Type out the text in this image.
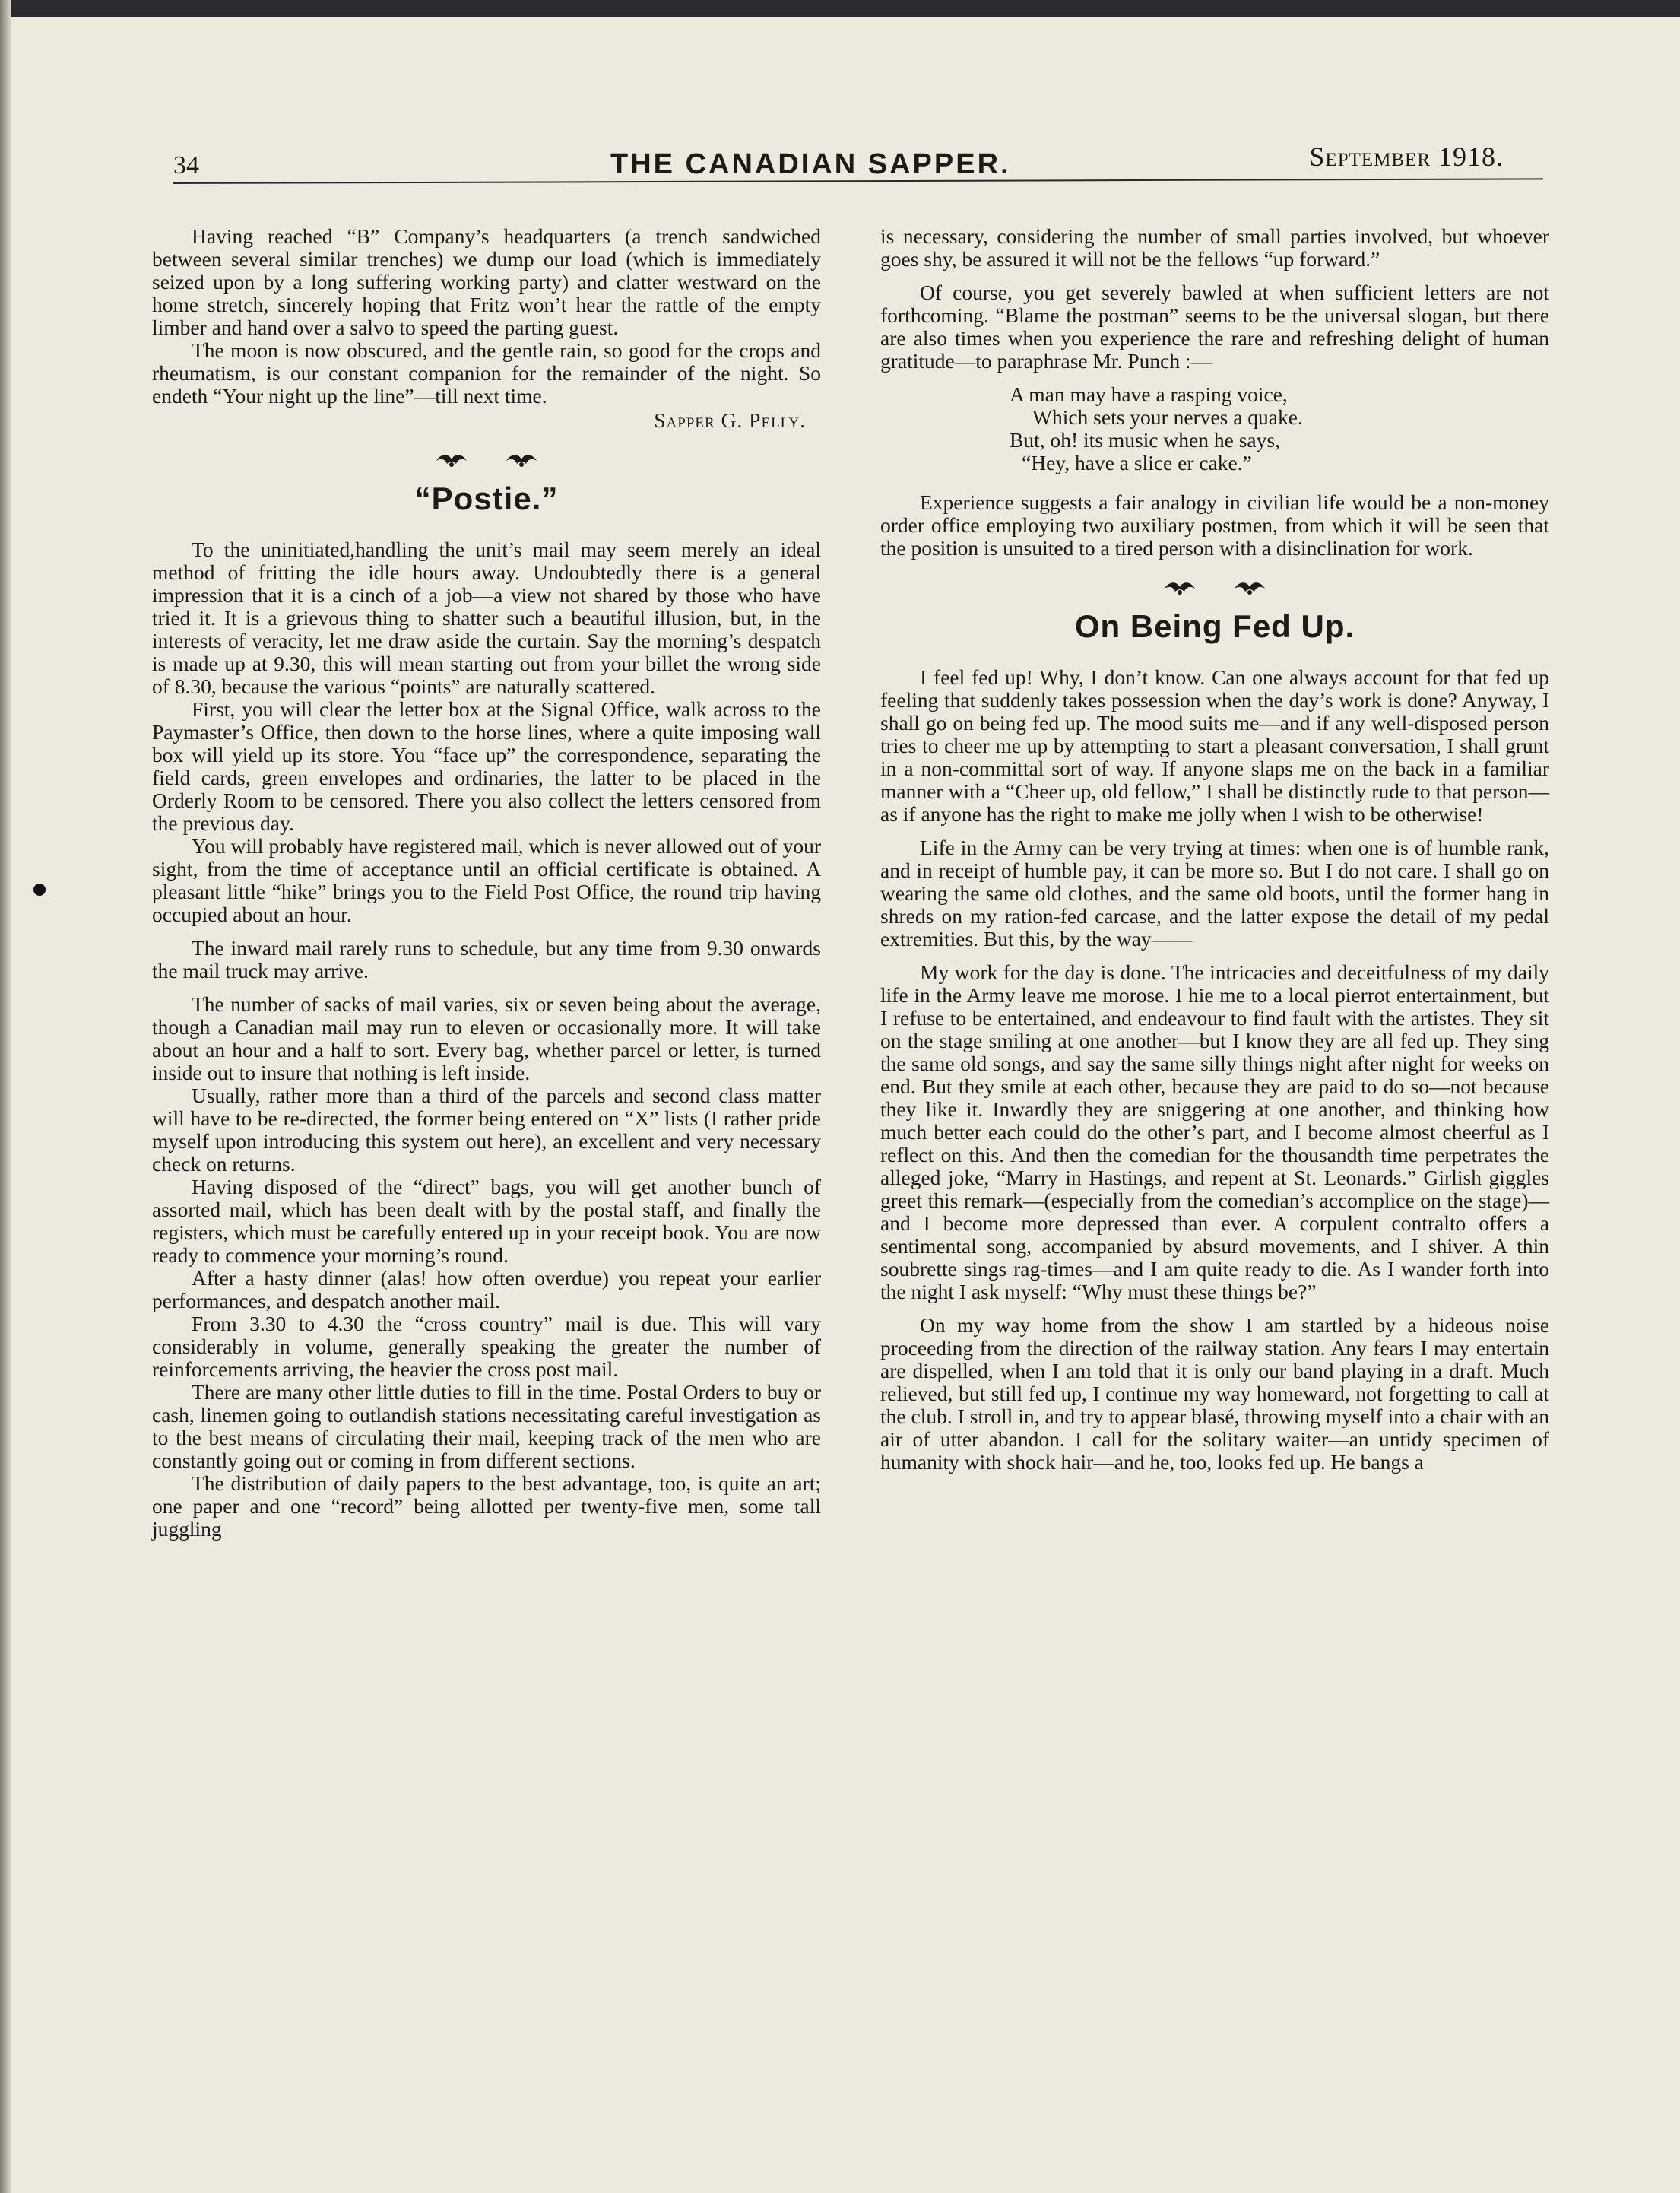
34	THE CANADIAN SAPPER.	September 1918.

Having reached “B” Company’s headquarters (a trench sandwiched between several similar trenches) we dump our load (which is immediately seized upon by a long suffering working party) and clatter westward on the home stretch, sincerely hoping that Fritz won’t hear the rattle of the empty limber and hand over a salvo to speed the parting guest.

The moon is now obscured, and the gentle rain, so good for the crops and rheumatism, is our constant companion for the remainder of the night. So endeth “Your night up the line”—till next time.

Sapper G. Pelly.
“Postie.”

To the uninitiated,handling the unit’s mail may seem merely an ideal method of fritting the idle hours away. Undoubtedly there is a general impression that it is a cinch of a job—a view not shared by those who have tried it. It is a grievous thing to shatter such a beautiful illusion, but, in the interests of veracity, let me draw aside the curtain. Say the morning’s despatch is made up at 9.30, this will mean starting out from your billet the wrong side of 8.30, because the various “points” are naturally scattered.

First, you will clear the letter box at the Signal Office, walk across to the Paymaster’s Office, then down to the horse lines, where a quite imposing wall box will yield up its store. You “face up” the correspondence, separating the field cards, green envelopes and ordinaries, the latter to be placed in the Orderly Room to be censored. There you also collect the letters censored from the previous day.

You will probably have registered mail, which is never allowed out of your sight, from the time of acceptance until an official certificate is obtained. A pleasant little “hike” brings you to the Field Post Office, the round trip having occupied about an hour.

The inward mail rarely runs to schedule, but any time from 9.30 onwards the mail truck may arrive.

The number of sacks of mail varies, six or seven being about the average, though a Canadian mail may run to eleven or occasionally more. It will take about an hour and a half to sort. Every bag, whether parcel or letter, is turned inside out to insure that nothing is left inside.

Usually, rather more than a third of the parcels and second class matter will have to be re-directed, the former being entered on “X” lists (I rather pride myself upon introducing this system out here), an excellent and very necessary check on returns.

Having disposed of the “direct” bags, you will get another bunch of assorted mail, which has been dealt with by the postal staff, and finally the registers, which must be carefully entered up in your receipt book. You are now ready to commence your morning’s round.

After a hasty dinner (alas! how often overdue) you repeat your earlier performances, and despatch another mail.

From 3.30 to 4.30 the “cross country” mail is due. This will vary considerably in volume, generally speaking the greater the number of reinforcements arriving, the heavier the cross post mail.

There are many other little duties to fill in the time. Postal Orders to buy or cash, linemen going to outlandish stations necessitating careful investigation as to the best means of circulating their mail, keeping track of the men who are constantly going out or coming in from different sections.

The distribution of daily papers to the best advantage, too, is quite an art; one paper and one “record” being allotted per twenty-five men, some tall juggling

is necessary, considering the number of small parties involved, but whoever goes shy, be assured it will not be the fellows “up forward.”

Of course, you get severely bawled at when sufficient letters are not forthcoming. “Blame the postman” seems to be the universal slogan, but there are also times when you experience the rare and refreshing delight of human gratitude—to paraphrase Mr. Punch :—

A man may have a rasping voice,
Which sets your nerves a quake.
But, oh! its music when he says,
“Hey, have a slice er cake.”

Experience suggests a fair analogy in civilian life would be a non-money order office employing two auxiliary postmen, from which it will be seen that the position is unsuited to a tired person with a disinclination for work.

On Being Fed Up.

I feel fed up! Why, I don’t know. Can one always account for that fed up feeling that suddenly takes possession when the day’s work is done? Anyway, I shall go on being fed up. The mood suits me—and if any well-disposed person tries to cheer me up by attempting to start a pleasant conversation, I shall grunt in a non-committal sort of way. If anyone slaps me on the back in a familiar manner with a “Cheer up, old fellow,” I shall be distinctly rude to that person—as if anyone has the right to make me jolly when I wish to be otherwise!

Life in the Army can be very trying at times: when one is of humble rank, and in receipt of humble pay, it can be more so. But I do not care. I shall go on wearing the same old clothes, and the same old boots, until the former hang in shreds on my ration-fed carcase, and the latter expose the detail of my pedal extremities. But this, by the way——

My work for the day is done. The intricacies and deceitfulness of my daily life in the Army leave me morose. I hie me to a local pierrot entertainment, but I refuse to be entertained, and endeavour to find fault with the artistes. They sit on the stage smiling at one another—but I know they are all fed up. They sing the same old songs, and say the same silly things night after night for weeks on end. But they smile at each other, because they are paid to do so—not because they like it. Inwardly they are sniggering at one another, and thinking how much better each could do the other’s part, and I become almost cheerful as I reflect on this. And then the comedian for the thousandth time perpetrates the alleged joke, “Marry in Hastings, and repent at St. Leonards.” Girlish giggles greet this remark—(especially from the comedian’s accomplice on the stage)—and I become more depressed than ever. A corpulent contralto offers a sentimental song, accompanied by absurd movements, and I shiver. A thin soubrette sings rag-times—and I am quite ready to die. As I wander forth into the night I ask myself: “Why must these things be?”

On my way home from the show I am startled by a hideous noise proceeding from the direction of the railway station. Any fears I may entertain are dispelled, when I am told that it is only our band playing in a draft. Much relieved, but still fed up, I continue my way homeward, not forgetting to call at the club. I stroll in, and try to appear blasé, throwing myself into a chair with an air of utter abandon. I call for the solitary waiter—an untidy specimen of humanity with shock hair—and he, too, looks fed up. He bangs a
